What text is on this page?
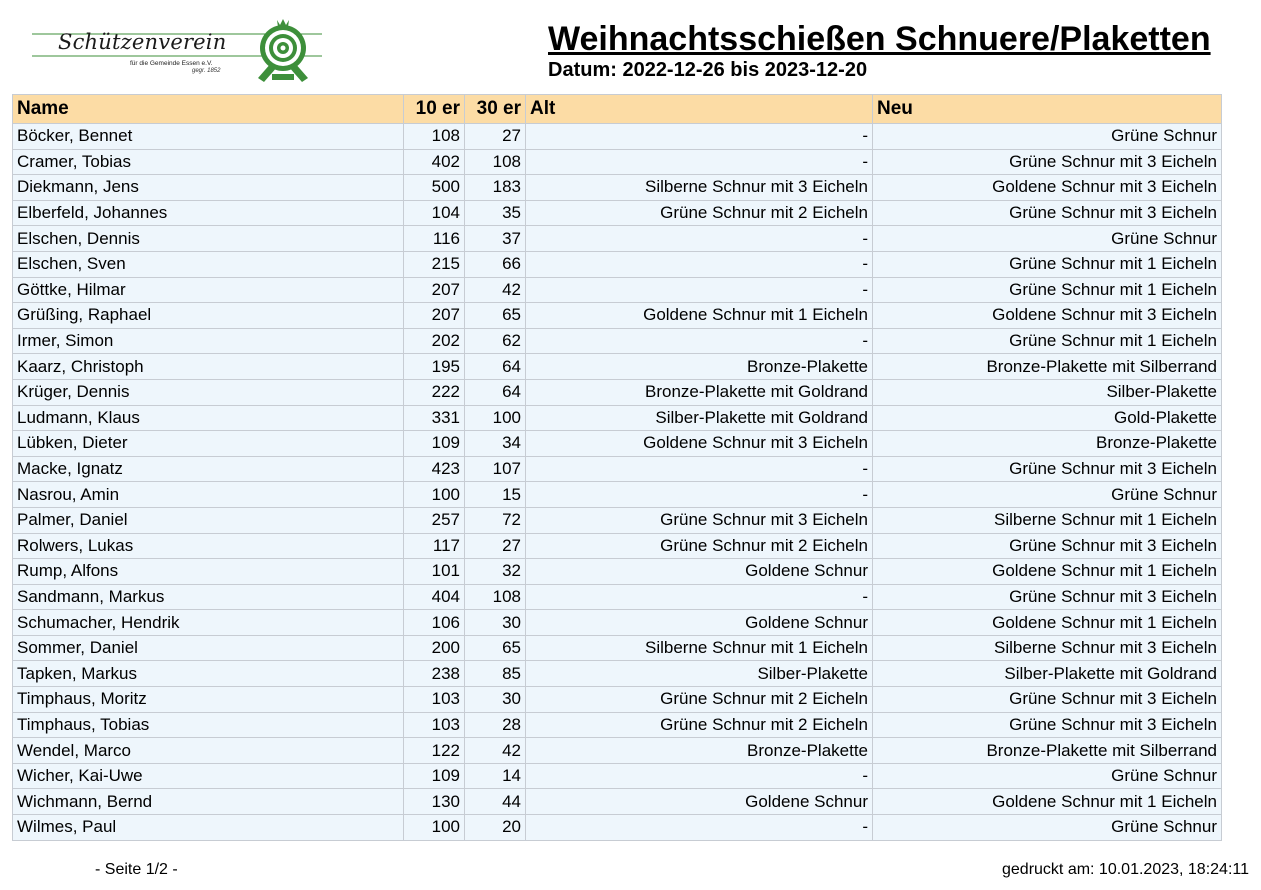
Schützenverein
für die Gemeinde Essen e.V.
gegr. 1852
Weihnachtsschießen Schnuere/Plaketten
Datum: 2022-12-26 bis 2023-12-20
Name	10 er	30 er	Alt	Neu
Böcker, Bennet	108	27	-	Grüne Schnur
Cramer, Tobias	402	108	-	Grüne Schnur mit 3 Eicheln
Diekmann, Jens	500	183	Silberne Schnur mit 3 Eicheln	Goldene Schnur mit 3 Eicheln
Elberfeld, Johannes	104	35	Grüne Schnur mit 2 Eicheln	Grüne Schnur mit 3 Eicheln
Elschen, Dennis	116	37	-	Grüne Schnur
Elschen, Sven	215	66	-	Grüne Schnur mit 1 Eicheln
Göttke, Hilmar	207	42	-	Grüne Schnur mit 1 Eicheln
Grüßing, Raphael	207	65	Goldene Schnur mit 1 Eicheln	Goldene Schnur mit 3 Eicheln
Irmer, Simon	202	62	-	Grüne Schnur mit 1 Eicheln
Kaarz, Christoph	195	64	Bronze-Plakette	Bronze-Plakette mit Silberrand
Krüger, Dennis	222	64	Bronze-Plakette mit Goldrand	Silber-Plakette
Ludmann, Klaus	331	100	Silber-Plakette mit Goldrand	Gold-Plakette
Lübken, Dieter	109	34	Goldene Schnur mit 3 Eicheln	Bronze-Plakette
Macke, Ignatz	423	107	-	Grüne Schnur mit 3 Eicheln
Nasrou, Amin	100	15	-	Grüne Schnur
Palmer, Daniel	257	72	Grüne Schnur mit 3 Eicheln	Silberne Schnur mit 1 Eicheln
Rolwers, Lukas	117	27	Grüne Schnur mit 2 Eicheln	Grüne Schnur mit 3 Eicheln
Rump, Alfons	101	32	Goldene Schnur	Goldene Schnur mit 1 Eicheln
Sandmann, Markus	404	108	-	Grüne Schnur mit 3 Eicheln
Schumacher, Hendrik	106	30	Goldene Schnur	Goldene Schnur mit 1 Eicheln
Sommer, Daniel	200	65	Silberne Schnur mit 1 Eicheln	Silberne Schnur mit 3 Eicheln
Tapken, Markus	238	85	Silber-Plakette	Silber-Plakette mit Goldrand
Timphaus, Moritz	103	30	Grüne Schnur mit 2 Eicheln	Grüne Schnur mit 3 Eicheln
Timphaus, Tobias	103	28	Grüne Schnur mit 2 Eicheln	Grüne Schnur mit 3 Eicheln
Wendel, Marco	122	42	Bronze-Plakette	Bronze-Plakette mit Silberrand
Wicher, Kai-Uwe	109	14	-	Grüne Schnur
Wichmann, Bernd	130	44	Goldene Schnur	Goldene Schnur mit 1 Eicheln
Wilmes, Paul	100	20	-	Grüne Schnur
- Seite 1/2 -	gedruckt am: 10.01.2023, 18:24:11
